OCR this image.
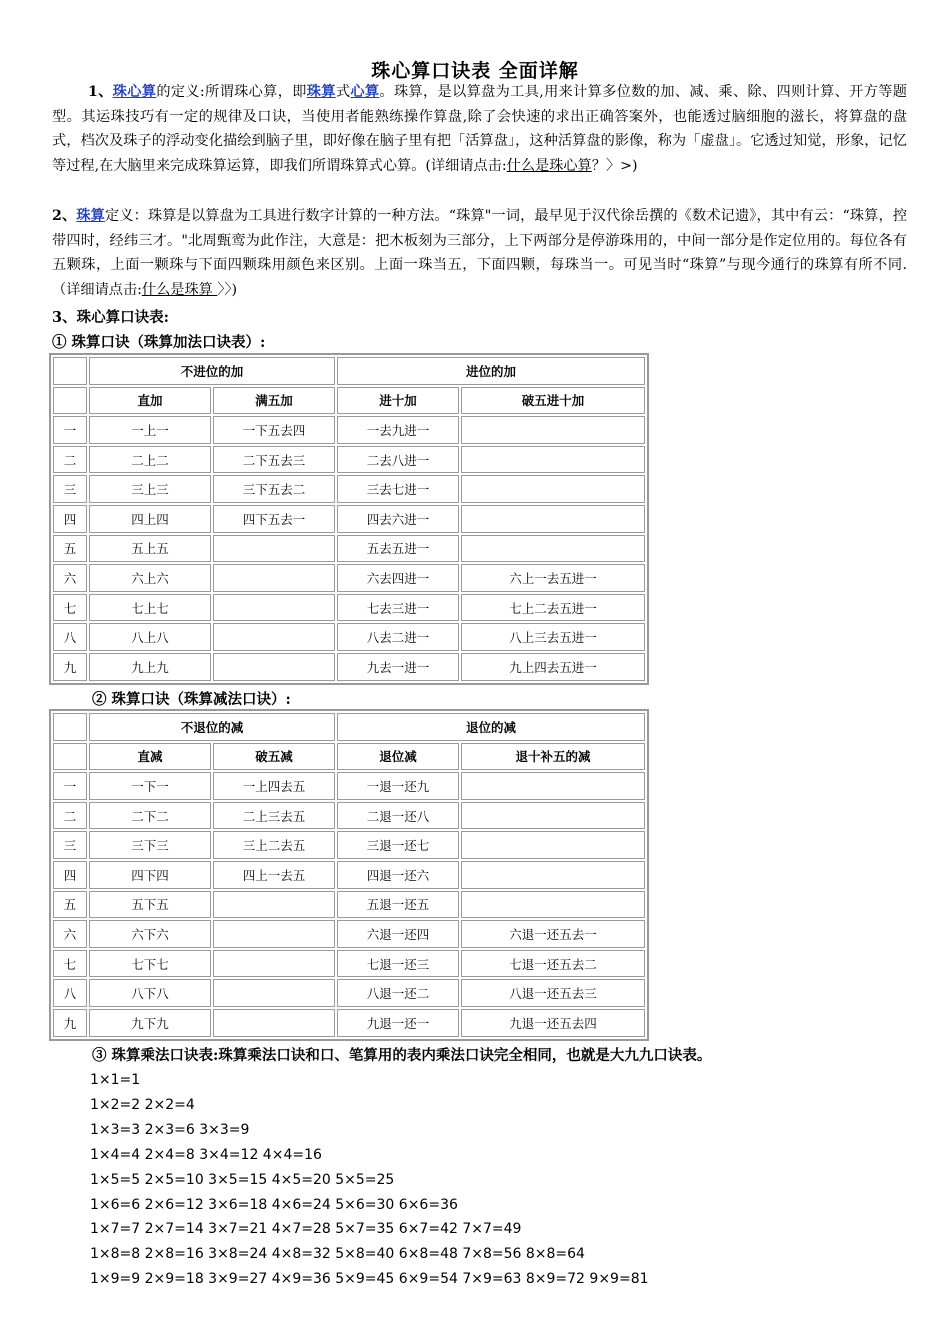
珠心算口诀表 全面详解

1、珠心算的定义:所谓珠心算，即珠算式心算。珠算，是以算盘为工具,用来计算多位数的加、减、乘、除、四则计算、开方等题型。其运珠技巧有一定的规律及口诀，当使用者能熟练操作算盘,除了会快速的求出正确答案外，也能透过脑细胞的滋长，将算盘的盘式，档次及珠子的浮动变化描绘到脑子里，即好像在脑子里有把「活算盘」，这种活算盘的影像，称为「虚盘」。它透过知觉，形象，记忆等过程,在大脑里来完成珠算运算，即我们所谓珠算式心算。(详细请点击:什么是珠心算？〉>)

2、珠算定义：珠算是以算盘为工具进行数字计算的一种方法。“珠算"一词，最早见于汉代徐岳撰的《数术记遗》，其中有云：“珠算，控带四时，经纬三才。"北周甄鸾为此作注，大意是：把木板刻为三部分，上下两部分是停游珠用的，中间一部分是作定位用的。每位各有五颗珠，上面一颗珠与下面四颗珠用颜色来区别。上面一珠当五，下面四颗，每珠当一。可见当时“珠算”与现今通行的珠算有所不同.（详细请点击:什么是珠算 〉〉)

3、珠心算口诀表:

① 珠算口诀（珠算加法口诀表）:

	不进位的加		进位的加	
	直加	满五加	进十加	破五进十加
一	一上一	一下五去四	一去九进一	
二	二上二	二下五去三	二去八进一	
三	三上三	三下五去二	三去七进一	
四	四上四	四下五去一	四去六进一	
五	五上五		五去五进一	
六	六上六		六去四进一	六上一去五进一
七	七上七		七去三进一	七上二去五进一
八	八上八		八去二进一	八上三去五进一
九	九上九		九去一进一	九上四去五进一

② 珠算口诀（珠算减法口诀）:

	不退位的减		退位的减	
	直减	破五减	退位减	退十补五的减
一	一下一	一上四去五	一退一还九	
二	二下二	二上三去五	二退一还八	
三	三下三	三上二去五	三退一还七	
四	四下四	四上一去五	四退一还六	
五	五下五		五退一还五	
六	六下六		六退一还四	六退一还五去一
七	七下七		七退一还三	七退一还五去二
八	八下八		八退一还二	八退一还五去三
九	九下九		九退一还一	九退一还五去四

③ 珠算乘法口诀表:珠算乘法口诀和口、笔算用的表内乘法口诀完全相同，也就是大九九口诀表。

1×1=1
1×2=2 2×2=4
1×3=3 2×3=6 3×3=9
1×4=4 2×4=8 3×4=12 4×4=16
1×5=5 2×5=10 3×5=15 4×5=20 5×5=25
1×6=6 2×6=12 3×6=18 4×6=24 5×6=30 6×6=36
1×7=7 2×7=14 3×7=21 4×7=28 5×7=35 6×7=42 7×7=49
1×8=8 2×8=16 3×8=24 4×8=32 5×8=40 6×8=48 7×8=56 8×8=64
1×9=9 2×9=18 3×9=27 4×9=36 5×9=45 6×9=54 7×9=63 8×9=72 9×9=81
